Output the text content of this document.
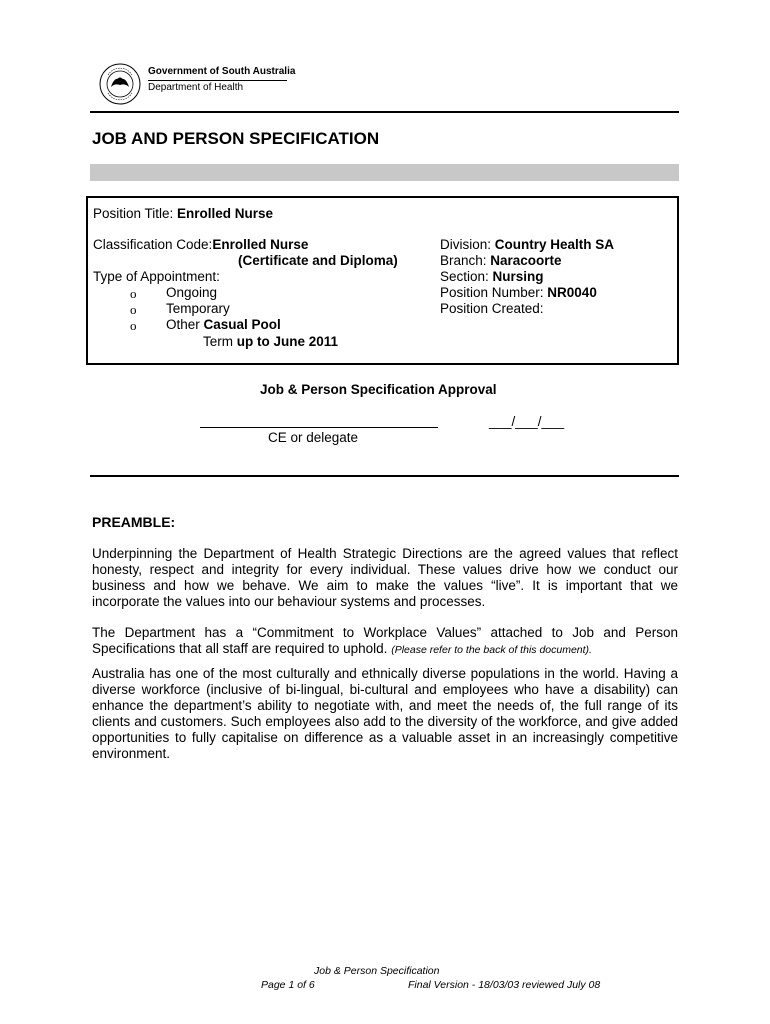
Government of South Australia
Department of Health
JOB AND PERSON SPECIFICATION
Position Title: Enrolled Nurse
Classification Code:Enrolled Nurse
(Certificate and Diploma)
Type of Appointment:
o Ongoing
o Temporary
o Other Casual Pool
Term up to June 2011
Division: Country Health SA
Branch: Naracoorte
Section: Nursing
Position Number: NR0040
Position Created:
Job & Person Specification Approval
___/___/___
CE or delegate
PREAMBLE:
Underpinning the Department of Health Strategic Directions are the agreed values that reflect honesty, respect and integrity for every individual. These values drive how we conduct our business and how we behave. We aim to make the values “live”. It is important that we incorporate the values into our behaviour systems and processes.
The Department has a “Commitment to Workplace Values” attached to Job and Person Specifications that all staff are required to uphold. (Please refer to the back of this document).
Australia has one of the most culturally and ethnically diverse populations in the world. Having a diverse workforce (inclusive of bi-lingual, bi-cultural and employees who have a disability) can enhance the department’s ability to negotiate with, and meet the needs of, the full range of its clients and customers. Such employees also add to the diversity of the workforce, and give added opportunities to fully capitalise on difference as a valuable asset in an increasingly competitive environment.
Job & Person Specification
Page 1 of 6	Final Version - 18/03/03 reviewed July 08
